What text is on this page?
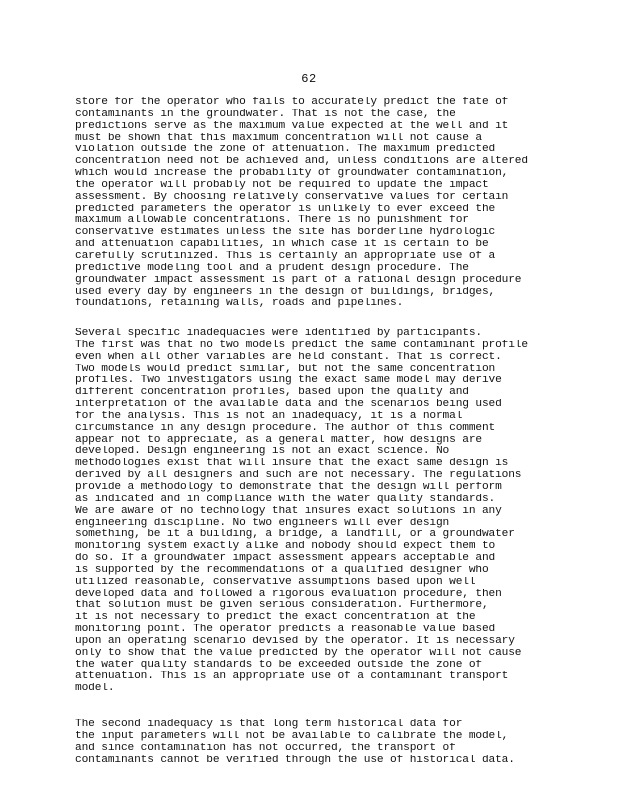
62
store for the operator who fails to accurately predict the fate of
contaminants in the groundwater. That is not the case, the
predictions serve as the maximum value expected at the well and it
must be shown that this maximum concentration will not cause a
violation outside the zone of attenuation. The maximum predicted
concentration need not be achieved and, unless conditions are altered
which would increase the probability of groundwater contamination,
the operator will probably not be required to update the impact
assessment. By choosing relatively conservative values for certain
predicted parameters the operator is unlikely to ever exceed the
maximum allowable concentrations. There is no punishment for
conservative estimates unless the site has borderline hydrologic
and attenuation capabilities, in which case it is certain to be
carefully scrutinized. This is certainly an appropriate use of a
predictive modeling tool and a prudent design procedure. The
groundwater impact assessment is part of a rational design procedure
used every day by engineers in the design of buildings, bridges,
foundations, retaining walls, roads and pipelines.
Several specific inadequacies were identified by participants.
The first was that no two models predict the same contaminant profile
even when all other variables are held constant. That is correct.
Two models would predict similar, but not the same concentration
profiles. Two investigators using the exact same model may derive
different concentration profiles, based upon the quality and
interpretation of the available data and the scenarios being used
for the analysis. This is not an inadequacy, it is a normal
circumstance in any design procedure. The author of this comment
appear not to appreciate, as a general matter, how designs are
developed. Design engineering is not an exact science. No
methodologies exist that will insure that the exact same design is
derived by all designers and such are not necessary. The regulations
provide a methodology to demonstrate that the design will perform
as indicated and in compliance with the water quality standards.
We are aware of no technology that insures exact solutions in any
engineering discipline. No two engineers will ever design
something, be it a building, a bridge, a landfill, or a groundwater
monitoring system exactly alike and nobody should expect them to
do so. If a groundwater impact assessment appears acceptable and
is supported by the recommendations of a qualified designer who
utilized reasonable, conservative assumptions based upon well
developed data and followed a rigorous evaluation procedure, then
that solution must be given serious consideration. Furthermore,
it is not necessary to predict the exact concentration at the
monitoring point. The operator predicts a reasonable value based
upon an operating scenario devised by the operator. It is necessary
only to show that the value predicted by the operator will not cause
the water quality standards to be exceeded outside the zone of
attenuation. This is an appropriate use of a contaminant transport
model.
The second inadequacy is that long term historical data for
the input parameters will not be available to calibrate the model,
and since contamination has not occurred, the transport of
contaminants cannot be verified through the use of historical data.
